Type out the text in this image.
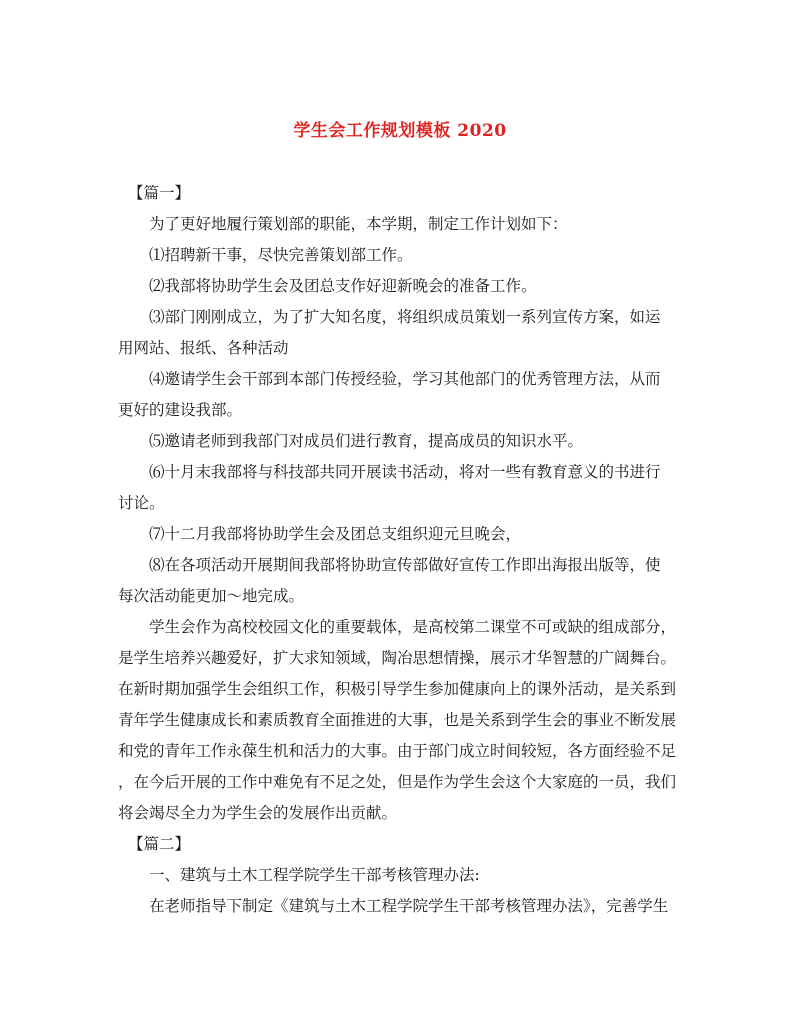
学生会工作规划模板 2020
【篇一】
为了更好地履行策划部的职能，本学期，制定工作计划如下：
⑴招聘新干事，尽快完善策划部工作。
⑵我部将协助学生会及团总支作好迎新晚会的准备工作。
⑶部门刚刚成立，为了扩大知名度，将组织成员策划一系列宣传方案，如运
用网站、报纸、各种活动
⑷邀请学生会干部到本部门传授经验，学习其他部门的优秀管理方法，从而
更好的建设我部。
⑸邀请老师到我部门对成员们进行教育，提高成员的知识水平。
⑹十月末我部将与科技部共同开展读书活动，将对一些有教育意义的书进行
讨论。
⑺十二月我部将协助学生会及团总支组织迎元旦晚会，
⑻在各项活动开展期间我部将协助宣传部做好宣传工作即出海报出版等，使
每次活动能更加～地完成。
学生会作为高校校园文化的重要载体，是高校第二课堂不可或缺的组成部分，
是学生培养兴趣爱好，扩大求知领域，陶冶思想情操，展示才华智慧的广阔舞台。
在新时期加强学生会组织工作，积极引导学生参加健康向上的课外活动，是关系到
青年学生健康成长和素质教育全面推进的大事，也是关系到学生会的事业不断发展
和党的青年工作永葆生机和活力的大事。由于部门成立时间较短，各方面经验不足
，在今后开展的工作中难免有不足之处，但是作为学生会这个大家庭的一员，我们
将会竭尽全力为学生会的发展作出贡献。
【篇二】
一、建筑与土木工程学院学生干部考核管理办法:
在老师指导下制定《建筑与土木工程学院学生干部考核管理办法》，完善学生
